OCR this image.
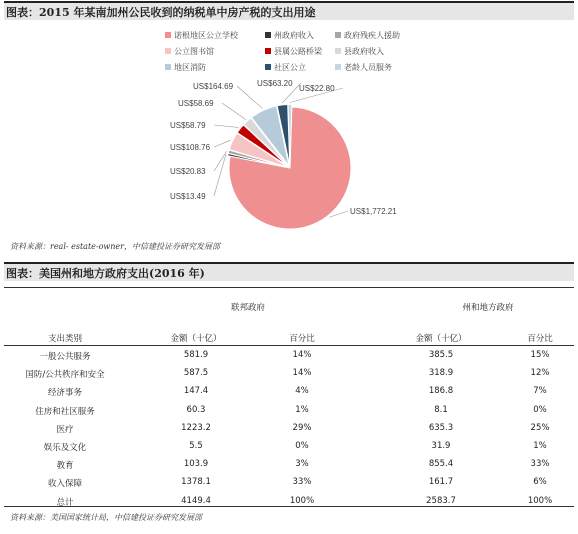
图表：2015 年某南加州公民收到的纳税单中房产税的支出用途
诺根地区公立学校	州政府收入	政府残疾人援助
公立图书馆	县属公路桥梁	县政府收入
地区消防	社区公立	老龄人员服务
US$1,772.21
US$13.49
US$20.83
US$108.76
US$58.79
US$58.69
US$164.69	US$63.20
US$22.80
资料来源：real- estate-owner，中信建投证券研究发展部
图表：美国州和地方政府支出(2016 年)
联邦政府	州和地方政府
支出类别	金额（十亿）	百分比	金额（十亿）	百分比
一般公共服务	581.9	14%	385.5	15%
国防/公共秩序和安全	587.5	14%	318.9	12%
经济事务	147.4	4%	186.8	7%
住房和社区服务	60.3	1%	8.1	0%
医疗	1223.2	29%	635.3	25%
娱乐及文化	5.5	0%	31.9	1%
教育	103.9	3%	855.4	33%
收入保障	1378.1	33%	161.7	6%
总计	4149.4	100%	2583.7	100%
资料来源：美国国家统计局，中信建投证券研究发展部
